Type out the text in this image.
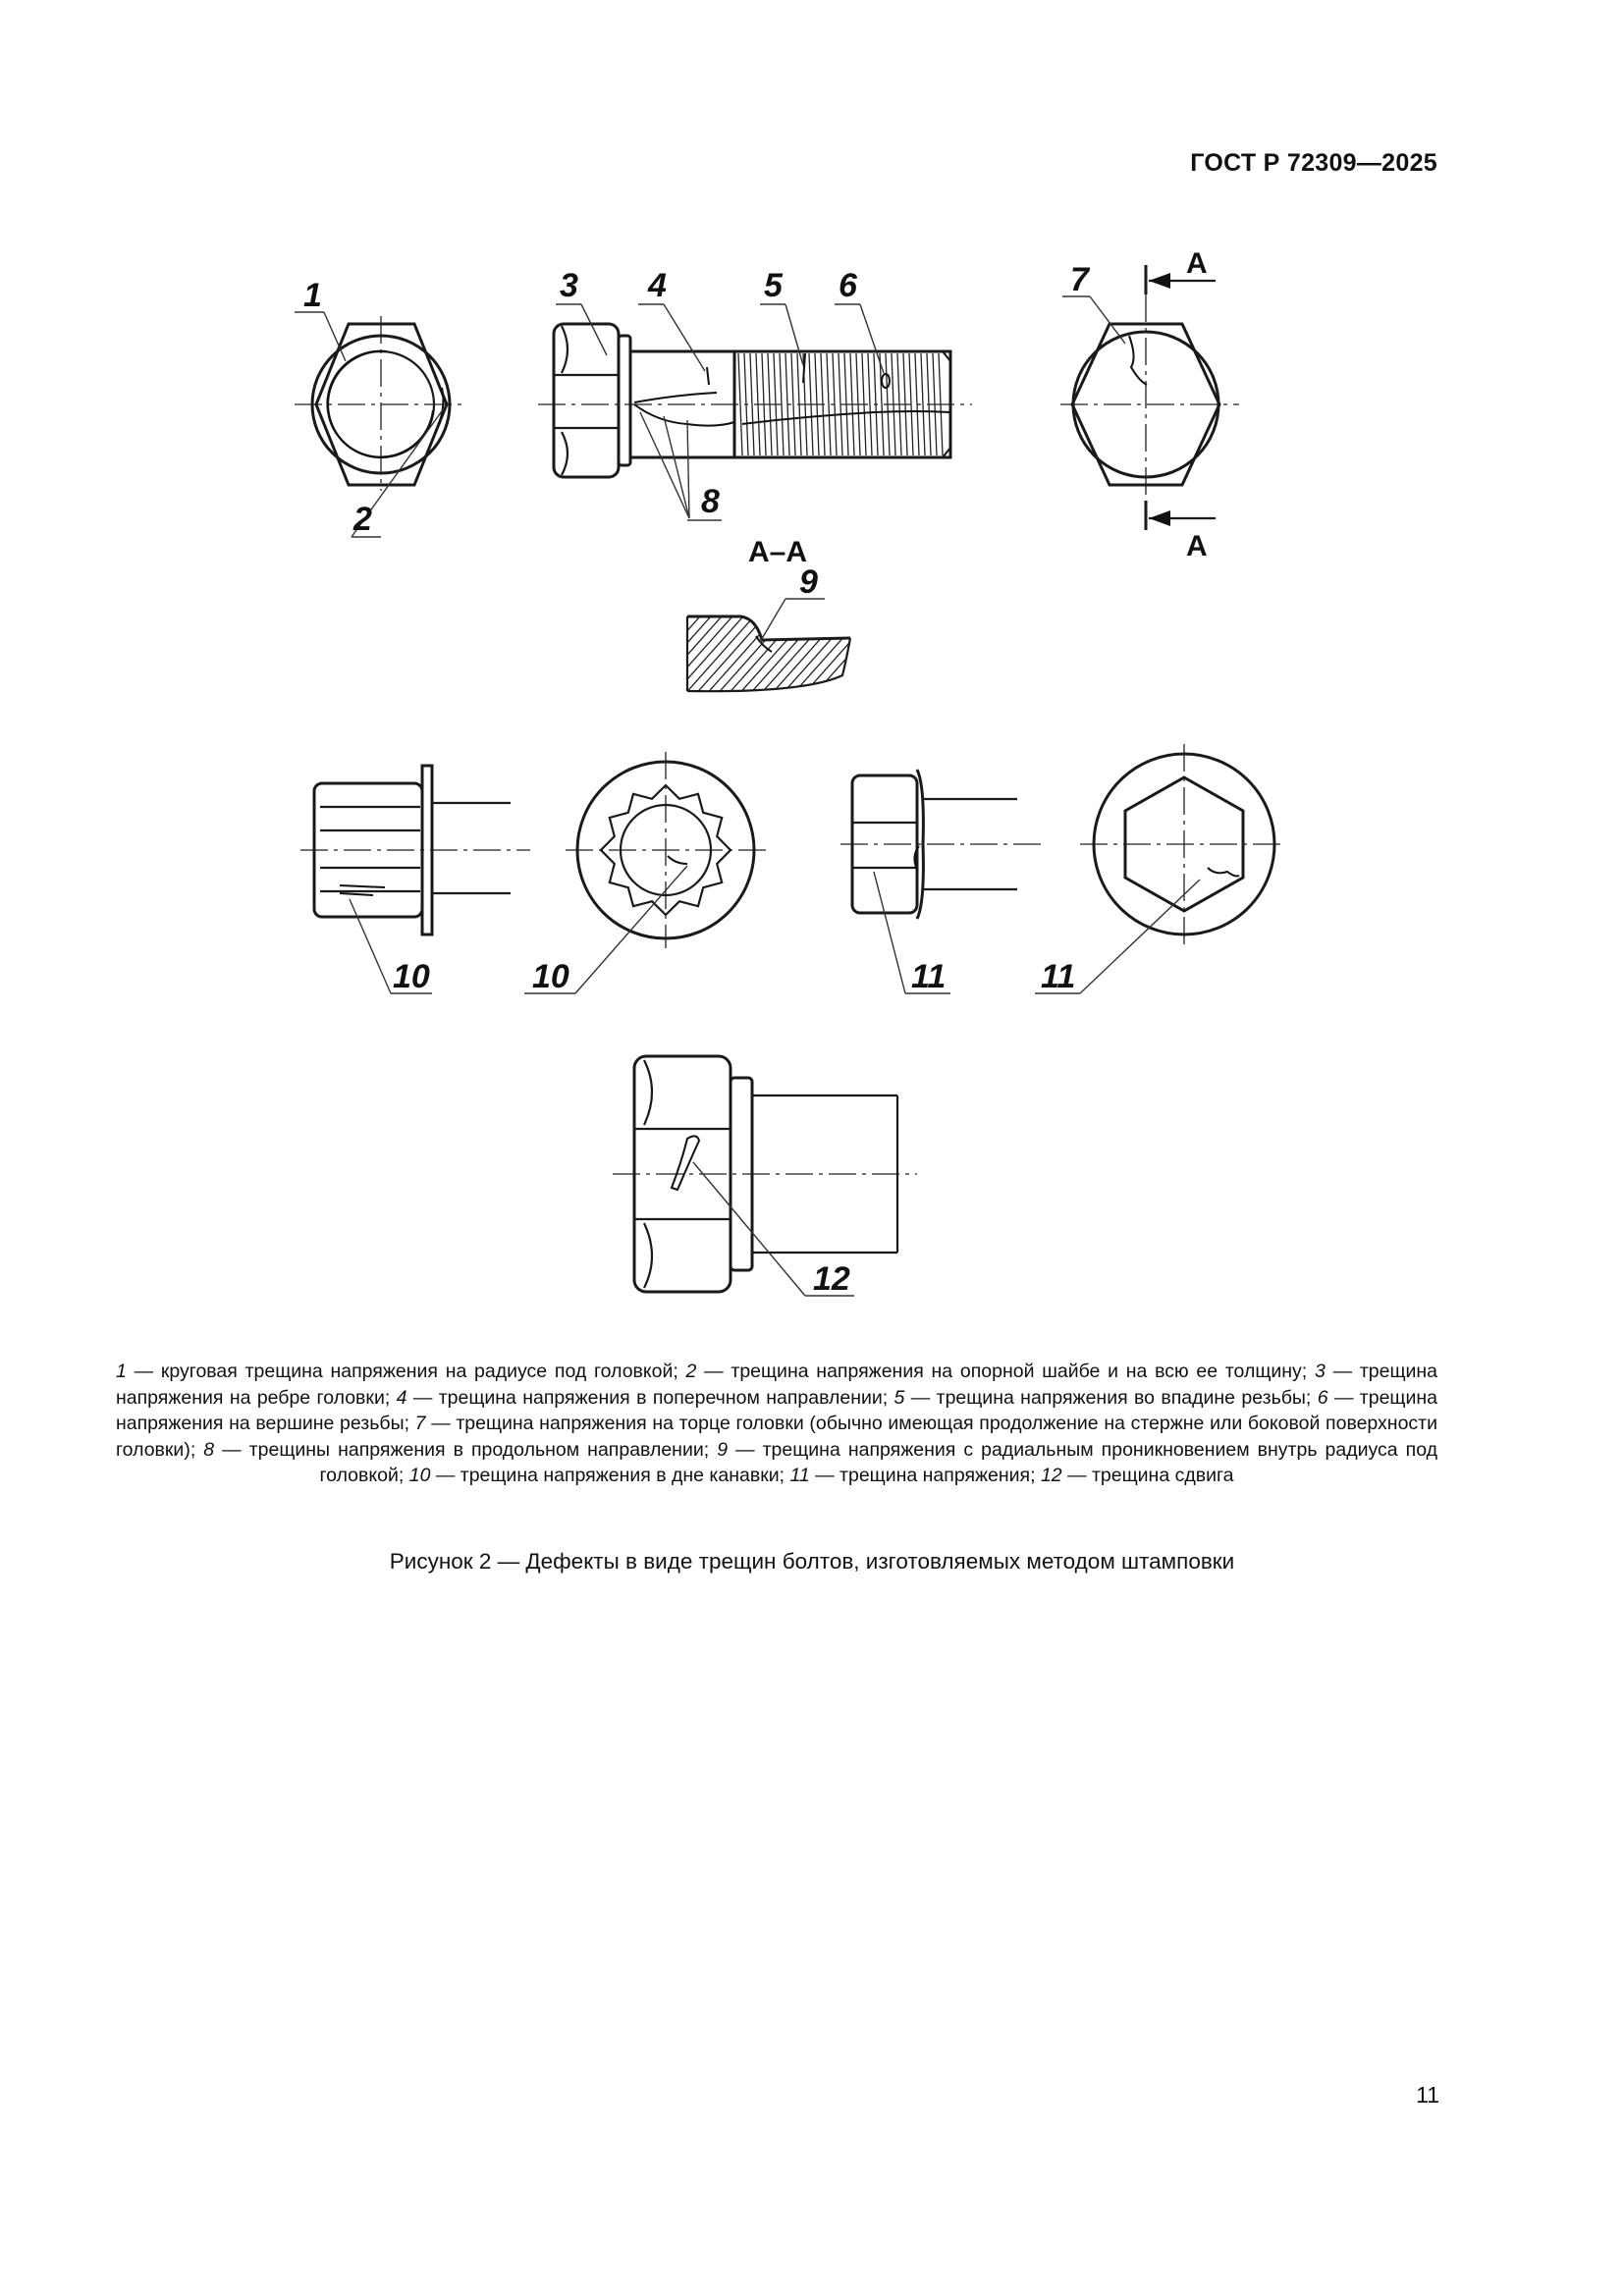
ГОСТ Р 72309—2025
1
2
3 4	5 6
8
7	А
А
А–А
9
10	10	11	11
12
1 — круговая трещина напряжения на радиусе под головкой; 2 — трещина напряжения на опорной шайбе и на всю ее толщину; 3 — трещина напряжения на ребре головки; 4 — трещина напряжения в поперечном направлении; 5 — трещина напряжения во впадине резьбы; 6 — трещина напряжения на вершине резьбы; 7 — трещина напряжения на торце головки (обычно имеющая продолжение на стержне или боковой поверхности головки); 8 — трещины напряжения в продольном направлении; 9 — трещина напряжения с радиальным проникновением внутрь радиуса под головкой; 10 — трещина напряжения в дне канавки; 11 — трещина напряжения; 12 — трещина сдвига
Рисунок 2 — Дефекты в виде трещин болтов, изготовляемых методом штамповки
11
